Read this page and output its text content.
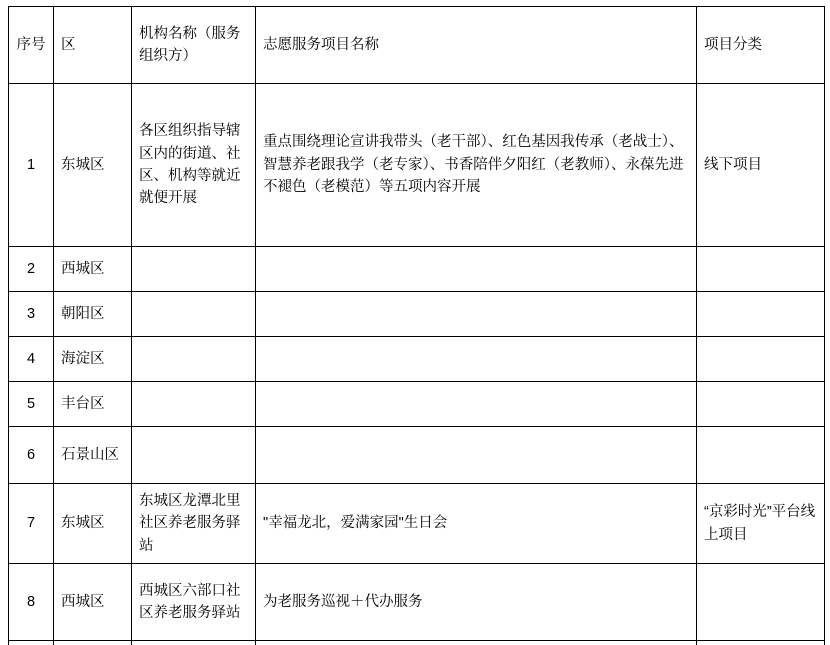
序号	区	机构名称（服务组织方）	志愿服务项目名称	项目分类
1	东城区	各区组织指导辖区内的街道、社区、机构等就近就便开展	重点围绕理论宣讲我带头（老干部）、红色基因我传承（老战士）、智慧养老跟我学（老专家）、书香陪伴夕阳红（老教师）、永葆先进不褪色（老模范）等五项内容开展	线下项目
2	西城区			
3	朝阳区			
4	海淀区			
5	丰台区			
6	石景山区			
7	东城区	东城区龙潭北里社区养老服务驿站	"幸福龙北，爱满家园"生日会	“京彩时光”平台线上项目
8	西城区	西城区六部口社区养老服务驿站	为老服务巡视＋代办服务	
